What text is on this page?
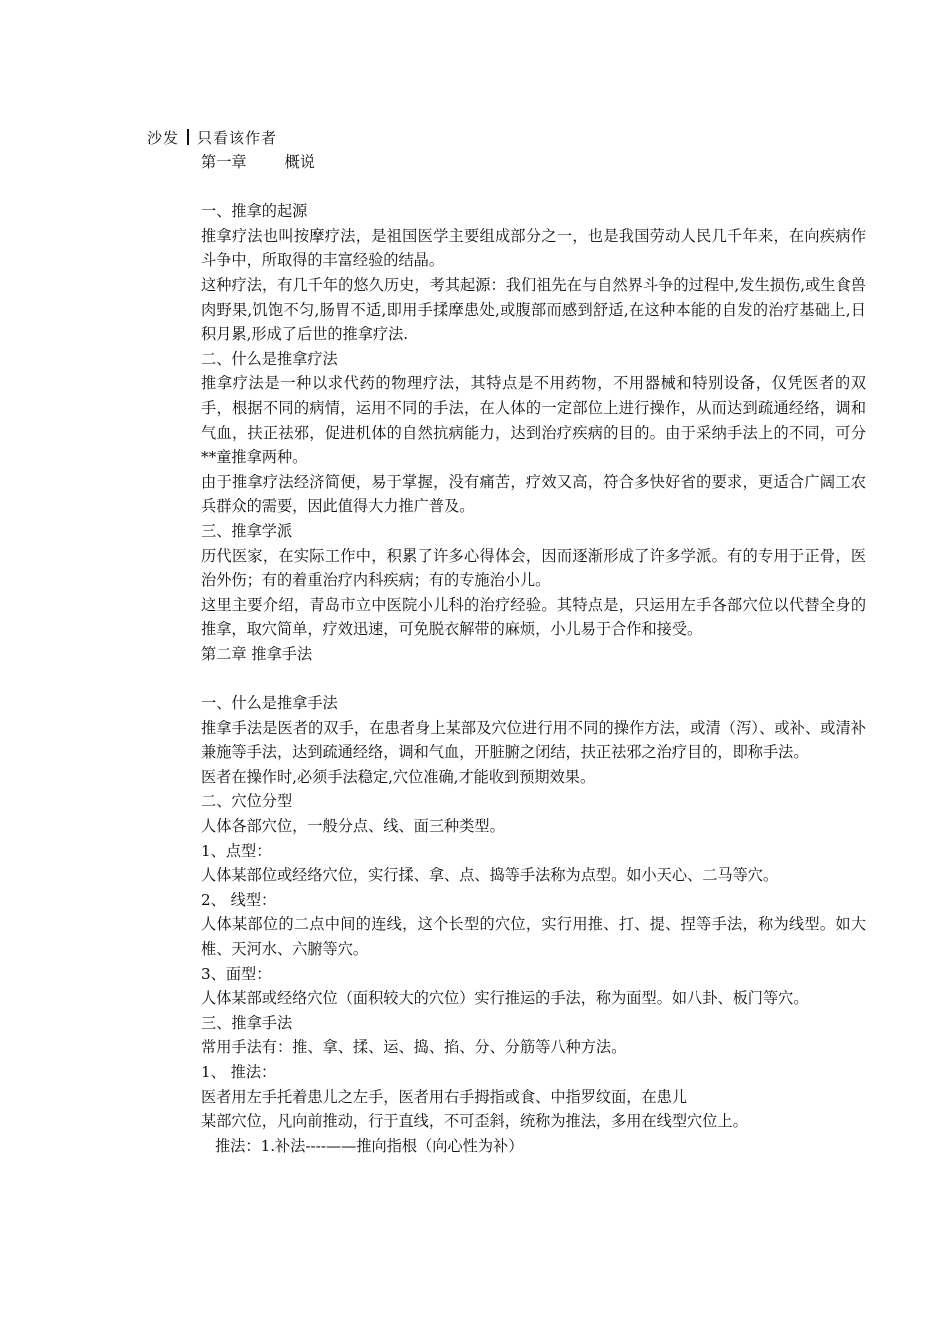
沙发 只看该作者

第一章	概说

一、推拿的起源

推拿疗法也叫按摩疗法，是祖国医学主要组成部分之一，也是我国劳动人民几千年来，在向疾病作斗争中，所取得的丰富经验的结晶。

这种疗法，有几千年的悠久历史，考其起源：我们祖先在与自然界斗争的过程中,发生损伤,或生食兽肉野果,饥饱不匀,肠胃不适,即用手揉摩患处,或腹部而感到舒适,在这种本能的自发的治疗基础上,日积月累,形成了后世的推拿疗法.

二、什么是推拿疗法

推拿疗法是一种以求代药的物理疗法，其特点是不用药物，不用器械和特别设备，仅凭医者的双手，根据不同的病情，运用不同的手法，在人体的一定部位上进行操作，从而达到疏通经络，调和气血，扶正祛邪，促进机体的自然抗病能力，达到治疗疾病的目的。由于采纳手法上的不同，可分**童推拿两种。

由于推拿疗法经济简便，易于掌握，没有痛苦，疗效又高，符合多快好省的要求，更适合广阔工农兵群众的需要，因此值得大力推广普及。

三、推拿学派

历代医家，在实际工作中，积累了许多心得体会，因而逐渐形成了许多学派。有的专用于正骨，医治外伤；有的着重治疗内科疾病；有的专施治小儿。

这里主要介绍，青岛市立中医院小儿科的治疗经验。其特点是，只运用左手各部穴位以代替全身的推拿，取穴简单，疗效迅速，可免脱衣解带的麻烦，小儿易于合作和接受。

第二章 推拿手法

一、什么是推拿手法

推拿手法是医者的双手，在患者身上某部及穴位进行用不同的操作方法，或清（泻）、或补、或清补兼施等手法，达到疏通经络，调和气血，开脏腑之闭结，扶正祛邪之治疗目的，即称手法。

医者在操作时,必须手法稳定,穴位准确,才能收到预期效果。

二、穴位分型

人体各部穴位，一般分点、线、面三种类型。

1、点型：

人体某部位或经络穴位，实行揉、拿、点、捣等手法称为点型。如小天心、二马等穴。

2、 线型：

人体某部位的二点中间的连线，这个长型的穴位，实行用推、打、提、捏等手法，称为线型。如大椎、天河水、六腑等穴。

3、面型：

人体某部或经络穴位（面积较大的穴位）实行推运的手法，称为面型。如八卦、板门等穴。

三、推拿手法

常用手法有：推、拿、揉、运、捣、掐、分、分筋等八种方法。

1、 推法：

医者用左手托着患儿之左手，医者用右手拇指或食、中指罗纹面，在患儿

某部穴位，凡向前推动，行于直线，不可歪斜，统称为推法，多用在线型穴位上。

推法：1.补法----——推向指根（向心性为补）
